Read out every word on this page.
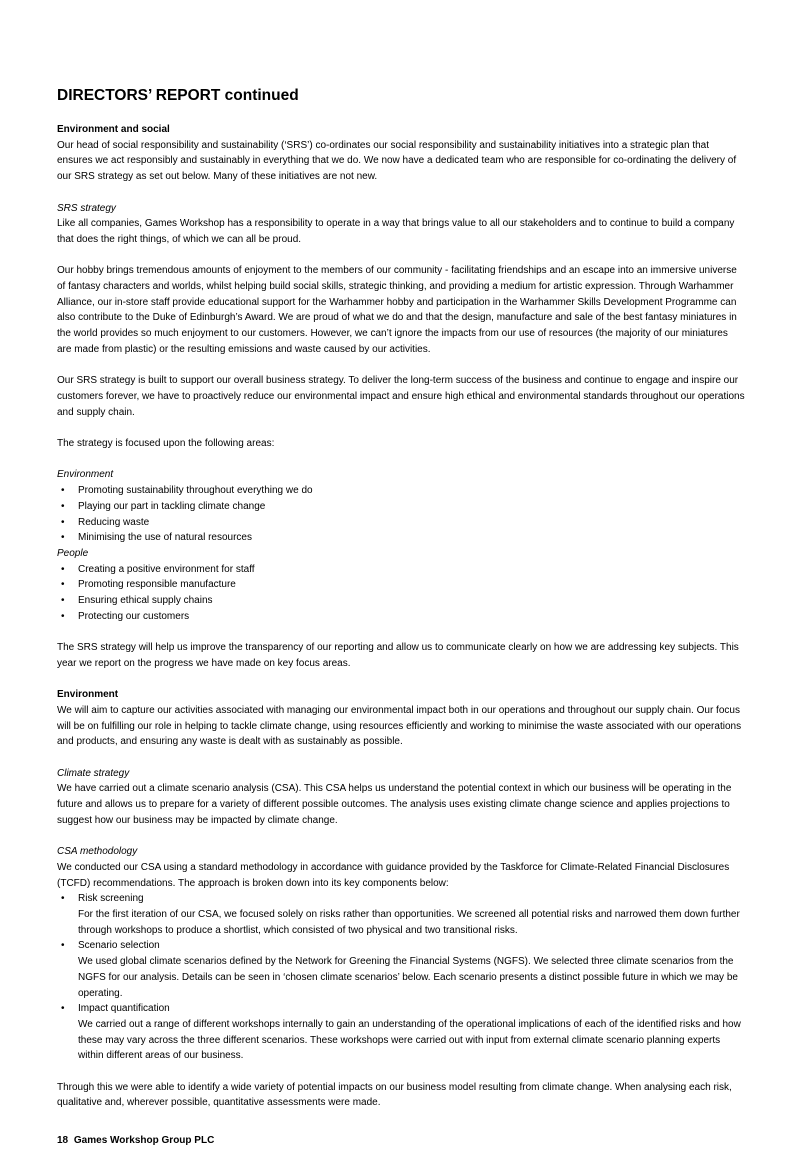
DIRECTORS’ REPORT continued
Environment and social

Our head of social responsibility and sustainability (‘SRS’) co-ordinates our social responsibility and sustainability initiatives into a strategic plan that ensures we act responsibly and sustainably in everything that we do. We now have a dedicated team who are responsible for co-ordinating the delivery of our SRS strategy as set out below. Many of these initiatives are not new.

SRS strategy

Like all companies, Games Workshop has a responsibility to operate in a way that brings value to all our stakeholders and to continue to build a company that does the right things, of which we can all be proud.

Our hobby brings tremendous amounts of enjoyment to the members of our community - facilitating friendships and an escape into an immersive universe of fantasy characters and worlds, whilst helping build social skills, strategic thinking, and providing a medium for artistic expression. Through Warhammer Alliance, our in-store staff provide educational support for the Warhammer hobby and participation in the Warhammer Skills Development Programme can also contribute to the Duke of Edinburgh’s Award. We are proud of what we do and that the design, manufacture and sale of the best fantasy miniatures in the world provides so much enjoyment to our customers. However, we can’t ignore the impacts from our use of resources (the majority of our miniatures are made from plastic) or the resulting emissions and waste caused by our activities.

Our SRS strategy is built to support our overall business strategy. To deliver the long-term success of the business and continue to engage and inspire our customers forever, we have to proactively reduce our environmental impact and ensure high ethical and environmental standards throughout our operations and supply chain.

The strategy is focused upon the following areas:

Environment
• Promoting sustainability throughout everything we do
• Playing our part in tackling climate change
• Reducing waste
• Minimising the use of natural resources
People
• Creating a positive environment for staff
• Promoting responsible manufacture
• Ensuring ethical supply chains
• Protecting our customers

The SRS strategy will help us improve the transparency of our reporting and allow us to communicate clearly on how we are addressing key subjects. This year we report on the progress we have made on key focus areas.

Environment

We will aim to capture our activities associated with managing our environmental impact both in our operations and throughout our supply chain. Our focus will be on fulfilling our role in helping to tackle climate change, using resources efficiently and working to minimise the waste associated with our operations and products, and ensuring any waste is dealt with as sustainably as possible.

Climate strategy

We have carried out a climate scenario analysis (CSA). This CSA helps us understand the potential context in which our business will be operating in the future and allows us to prepare for a variety of different possible outcomes. The analysis uses existing climate change science and applies projections to suggest how our business may be impacted by climate change.

CSA methodology

We conducted our CSA using a standard methodology in accordance with guidance provided by the Taskforce for Climate-Related Financial Disclosures (TCFD) recommendations. The approach is broken down into its key components below:

• Risk screening
For the first iteration of our CSA, we focused solely on risks rather than opportunities. We screened all potential risks and narrowed them down further through workshops to produce a shortlist, which consisted of two physical and two transitional risks.
• Scenario selection
We used global climate scenarios defined by the Network for Greening the Financial Systems (NGFS). We selected three climate scenarios from the NGFS for our analysis. Details can be seen in ‘chosen climate scenarios’ below. Each scenario presents a distinct possible future in which we may be operating.
• Impact quantification
We carried out a range of different workshops internally to gain an understanding of the operational implications of each of the identified risks and how these may vary across the three different scenarios. These workshops were carried out with input from external climate scenario planning experts within different areas of our business.

Through this we were able to identify a wide variety of potential impacts on our business model resulting from climate change. When analysing each risk, qualitative and, wherever possible, quantitative assessments were made.

18 Games Workshop Group PLC
